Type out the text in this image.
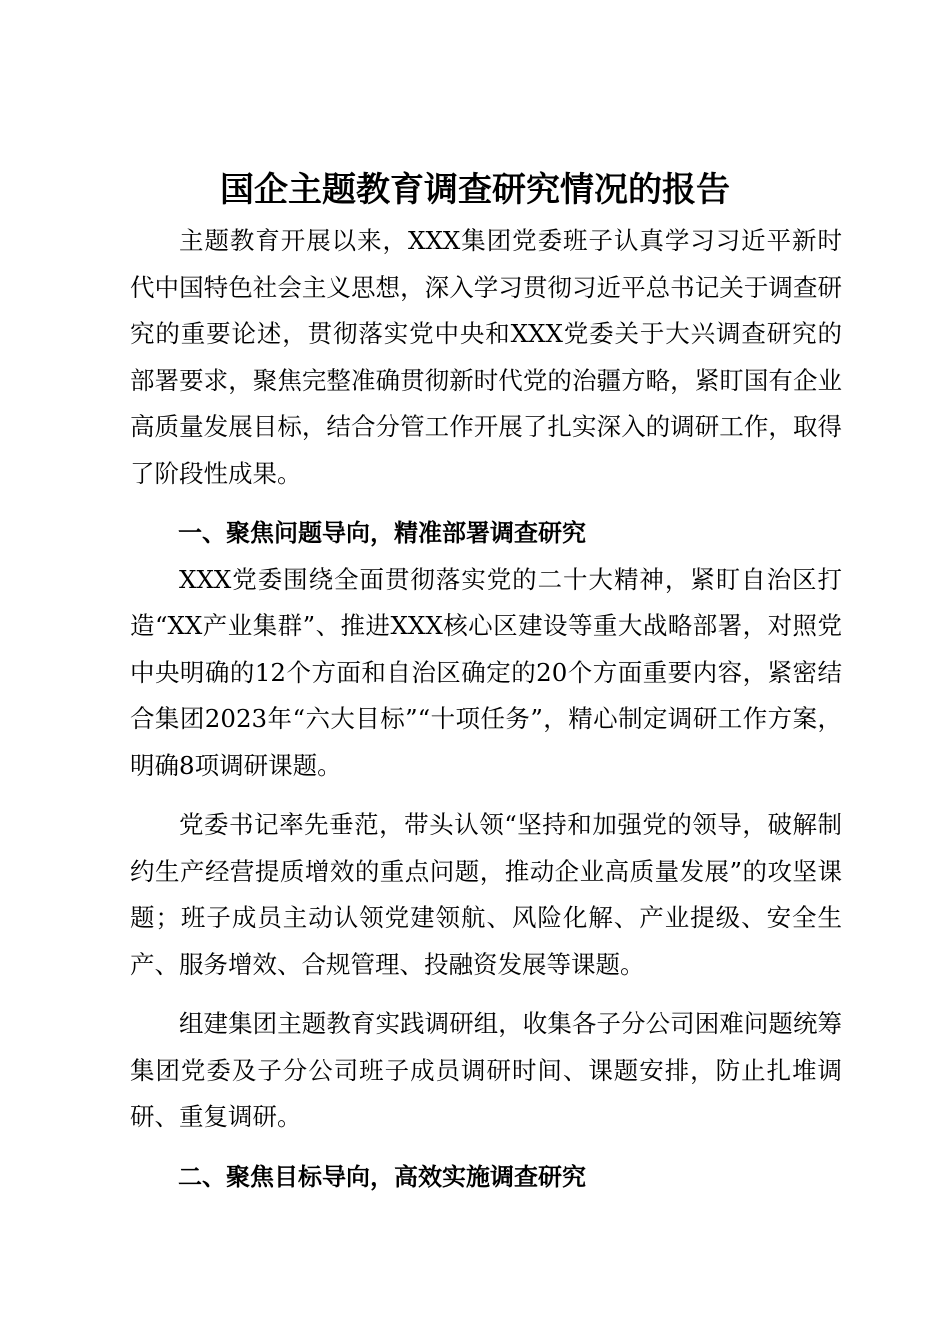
国企主题教育调查研究情况的报告

主题教育开展以来，XXX集团党委班子认真学习习近平新时代中国特色社会主义思想，深入学习贯彻习近平总书记关于调查研究的重要论述，贯彻落实党中央和XXX党委关于大兴调查研究的部署要求，聚焦完整准确贯彻新时代党的治疆方略，紧盯国有企业高质量发展目标，结合分管工作开展了扎实深入的调研工作，取得了阶段性成果。

一、聚焦问题导向，精准部署调查研究

XXX党委围绕全面贯彻落实党的二十大精神，紧盯自治区打造“XX产业集群”、推进XXX核心区建设等重大战略部署，对照党中央明确的12个方面和自治区确定的20个方面重要内容，紧密结合集团2023年“六大目标”“十项任务”，精心制定调研工作方案，明确8项调研课题。

党委书记率先垂范，带头认领“坚持和加强党的领导，破解制约生产经营提质增效的重点问题，推动企业高质量发展”的攻坚课题；班子成员主动认领党建领航、风险化解、产业提级、安全生产、服务增效、合规管理、投融资发展等课题。

组建集团主题教育实践调研组，收集各子分公司困难问题统筹集团党委及子分公司班子成员调研时间、课题安排，防止扎堆调研、重复调研。

二、聚焦目标导向，高效实施调查研究
